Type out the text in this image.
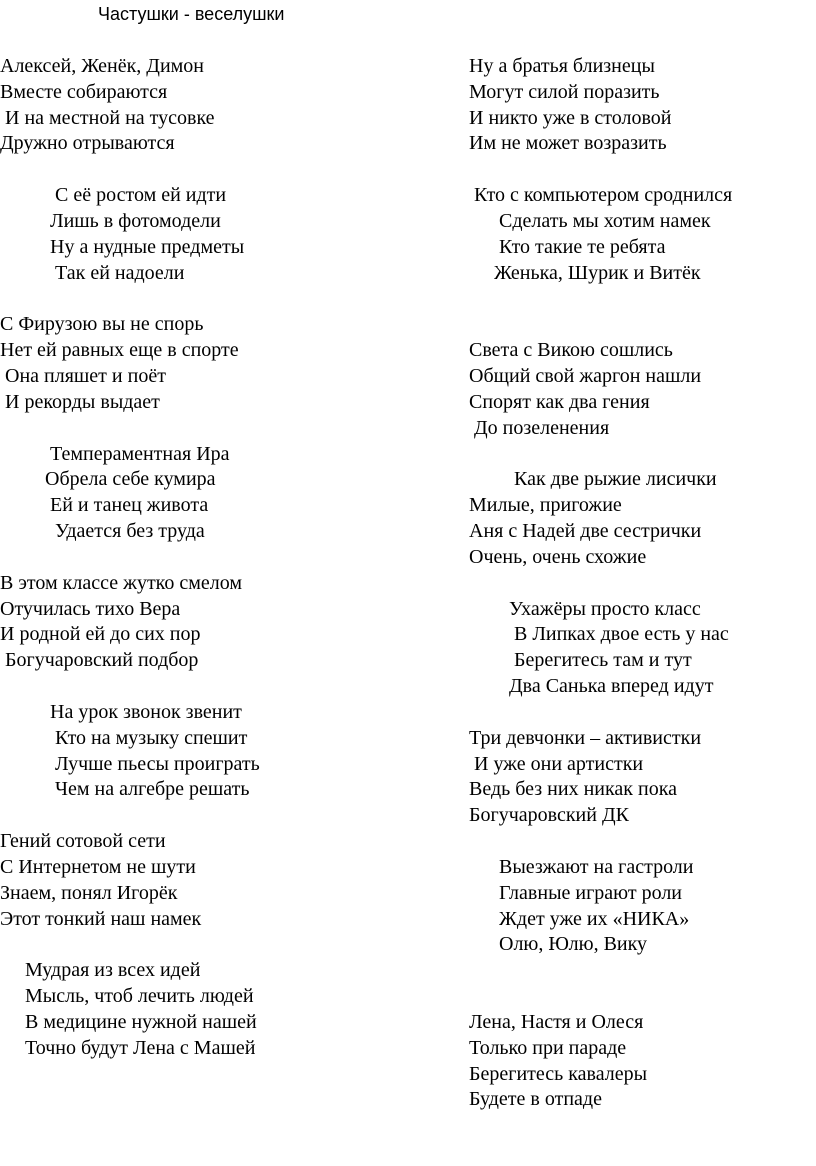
Частушки - веселушки
Алексей, Женёк, Димон
Вместе собираются
И на местной на тусовке
Дружно отрываются
С её ростом ей идти
Лишь в фотомодели
Ну а нудные предметы
Так ей надоели
С Фирузою вы не спорь
Нет ей равных еще в спорте
Она пляшет и поёт
И рекорды выдает
Темпераментная Ира
Обрела себе кумира
Ей и танец живота
Удается без труда
В этом классе жутко смелом
Отучилась тихо Вера
И родной ей до сих пор
Богучаровский подбор
На урок звонок звенит
Кто на музыку спешит
Лучше пьесы проиграть
Чем на алгебре решать
Гений сотовой сети
С Интернетом не шути
Знаем, понял Игорёк
Этот тонкий наш намек
Мудрая из всех идей
Мысль, чтоб лечить людей
В медицине нужной нашей
Точно будут Лена с Машей
Ну а братья близнецы
Могут силой поразить
И никто уже в столовой
Им не может возразить
Кто с компьютером сроднился
Сделать мы хотим намек
Кто такие те ребята
Женька, Шурик и Витёк
Света с Викою сошлись
Общий свой жаргон нашли
Спорят как два гения
До позеленения
Как две рыжие лисички
Милые, пригожие
Аня с Надей две сестрички
Очень, очень схожие
Ухажёры просто класс
В Липках двое есть у нас
Берегитесь там и тут
Два Санька вперед идут
Три девчонки – активистки
И уже они артистки
Ведь без них никак пока
Богучаровский ДК
Выезжают на гастроли
Главные играют роли
Ждет уже их «НИКА»
Олю, Юлю, Вику
Лена, Настя и Олеся
Только при параде
Берегитесь кавалеры
Будете в отпаде
